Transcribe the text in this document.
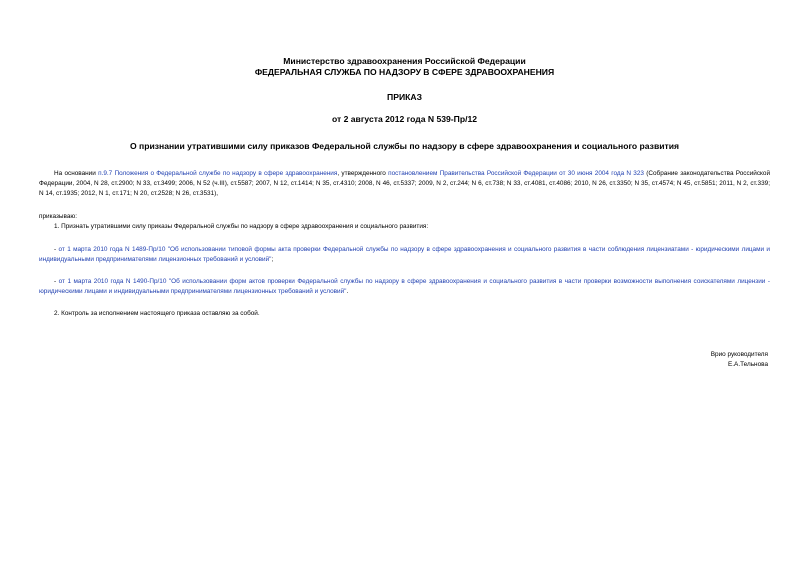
Министерство здравоохранения Российской Федерации
ФЕДЕРАЛЬНАЯ СЛУЖБА ПО НАДЗОРУ В СФЕРЕ ЗДРАВООХРАНЕНИЯ
ПРИКАЗ
от 2 августа 2012 года N 539-Пр/12
О признании утратившими силу приказов Федеральной службы по надзору в сфере здравоохранения и социального развития
На основании п.9.7 Положения о Федеральной службе по надзору в сфере здравоохранения, утвержденного постановлением Правительства Российской Федерации от 30 июня 2004 года N 323 (Собрание законодательства Российской Федерации, 2004, N 28, ст.2900; N 33, ст.3499; 2006, N 52 (ч.III), ст.5587; 2007, N 12, ст.1414; N 35, ст.4310; 2008, N 46, ст.5337; 2009, N 2, ст.244; N 6, ст.738; N 33, ст.4081, ст.4086; 2010, N 26, ст.3350; N 35, ст.4574; N 45, ст.5851; 2011, N 2, ст.339; N 14, ст.1935; 2012, N 1, ст.171; N 20, ст.2528; N 26, ст.3531),
приказываю:
1. Признать утратившими силу приказы Федеральной службы по надзору в сфере здравоохранения и социального развития:
- от 1 марта 2010 года N 1489-Пр/10 "Об использовании типовой формы акта проверки Федеральной службы по надзору в сфере здравоохранения и социального развития в части соблюдения лицензиатами - юридическими лицами и индивидуальными предпринимателями лицензионных требований и условий";
- от 1 марта 2010 года N 1490-Пр/10 "Об использовании форм актов проверки Федеральной службы по надзору в сфере здравоохранения и социального развития в части проверки возможности выполнения соискателями лицензии - юридическими лицами и индивидуальными предпринимателями лицензионных требований и условий".
2. Контроль за исполнением настоящего приказа оставляю за собой.
Врио руководителя
Е.А.Тельнова
